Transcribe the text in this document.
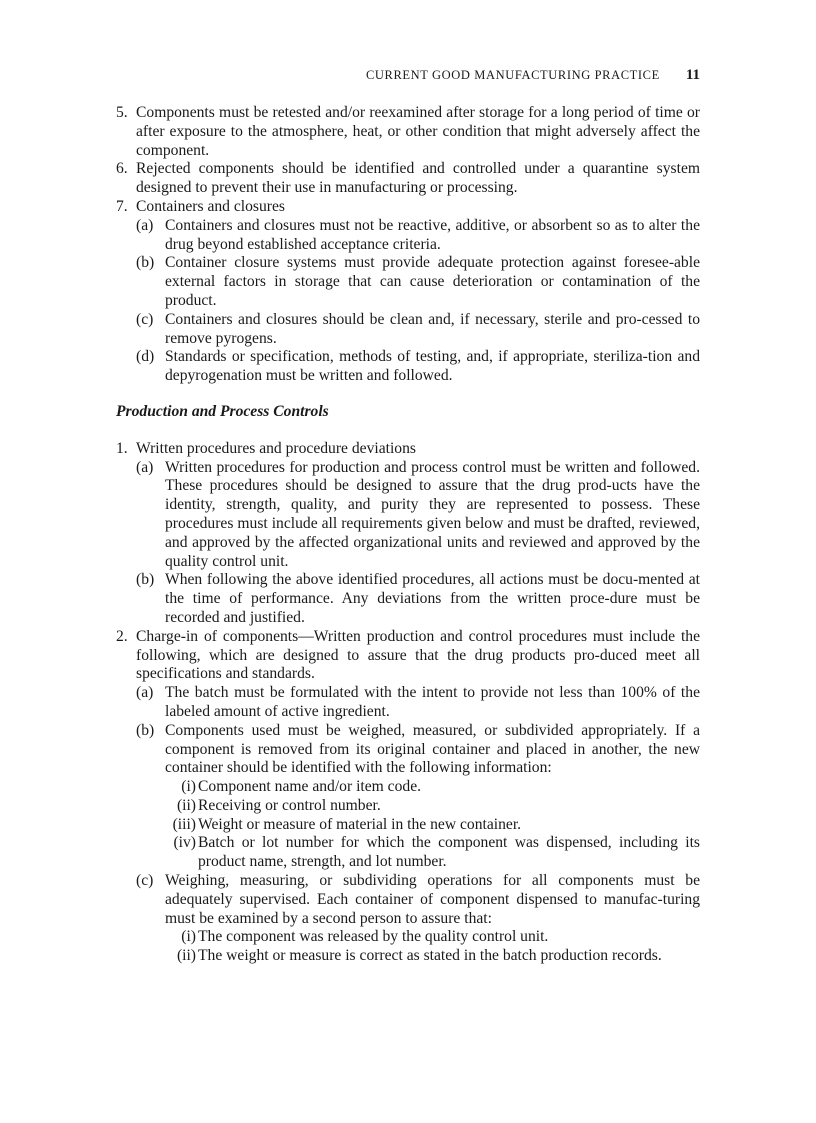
CURRENT GOOD MANUFACTURING PRACTICE 11
5. Components must be retested and/or reexamined after storage for a long period of time or after exposure to the atmosphere, heat, or other condition that might adversely affect the component.
6. Rejected components should be identified and controlled under a quarantine system designed to prevent their use in manufacturing or processing.
7. Containers and closures
(a) Containers and closures must not be reactive, additive, or absorbent so as to alter the drug beyond established acceptance criteria.
(b) Container closure systems must provide adequate protection against foresee-able external factors in storage that can cause deterioration or contamination of the product.
(c) Containers and closures should be clean and, if necessary, sterile and pro-cessed to remove pyrogens.
(d) Standards or specification, methods of testing, and, if appropriate, steriliza-tion and depyrogenation must be written and followed.
Production and Process Controls
1. Written procedures and procedure deviations
(a) Written procedures for production and process control must be written and followed. These procedures should be designed to assure that the drug prod-ucts have the identity, strength, quality, and purity they are represented to possess. These procedures must include all requirements given below and must be drafted, reviewed, and approved by the affected organizational units and reviewed and approved by the quality control unit.
(b) When following the above identified procedures, all actions must be docu-mented at the time of performance. Any deviations from the written proce-dure must be recorded and justified.
2. Charge-in of components—Written production and control procedures must include the following, which are designed to assure that the drug products pro-duced meet all specifications and standards.
(a) The batch must be formulated with the intent to provide not less than 100% of the labeled amount of active ingredient.
(b) Components used must be weighed, measured, or subdivided appropriately. If a component is removed from its original container and placed in another, the new container should be identified with the following information:
(i) Component name and/or item code.
(ii) Receiving or control number.
(iii) Weight or measure of material in the new container.
(iv) Batch or lot number for which the component was dispensed, including its product name, strength, and lot number.
(c) Weighing, measuring, or subdividing operations for all components must be adequately supervised. Each container of component dispensed to manufac-turing must be examined by a second person to assure that:
(i) The component was released by the quality control unit.
(ii) The weight or measure is correct as stated in the batch production records.
